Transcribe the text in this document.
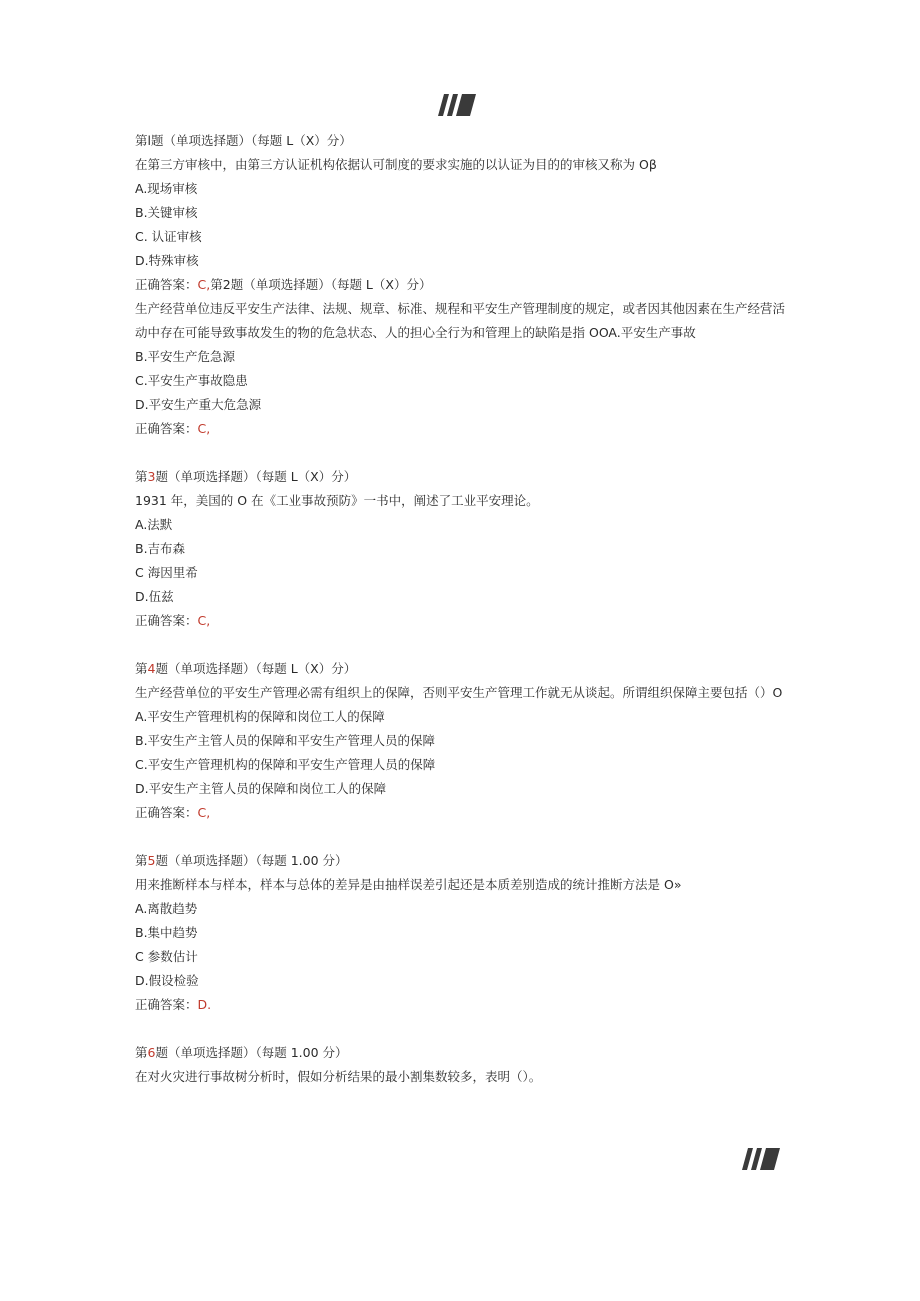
第l题（单项选择题）（每题 L（X）分）
在第三方审核中，由第三方认证机构依据认可制度的要求实施的以认证为目的的审核又称为 Oβ
A.现场审核
B.关键审核
C. 认证审核
D.特殊审核
正确答案：C,第2题（单项选择题）（每题 L（X）分）
生产经营单位违反平安生产法律、法规、规章、标准、规程和平安生产管理制度的规定，或者因其他因素在生产经营活动中存在可能导致事故发生的物的危急状态、人的担心全行为和管理上的缺陷是指 OOA.平安生产事故
B.平安生产危急源
C.平安生产事故隐患
D.平安生产重大危急源
正确答案：C,
第3题（单项选择题）（每题 L（X）分）
1931 年，美国的 O 在《工业事故预防》一书中，阐述了工业平安理论。
A.法默
B.吉布森
C 海因里希
D.伍兹
正确答案：C,
第4题（单项选择题）（每题 L（X）分）
生产经营单位的平安生产管理必需有组织上的保障，否则平安生产管理工作就无从谈起。所谓组织保障主要包括（）O
A.平安生产管理机构的保障和岗位工人的保障
B.平安生产主管人员的保障和平安生产管理人员的保障
C.平安生产管理机构的保障和平安生产管理人员的保障
D.平安生产主管人员的保障和岗位工人的保障
正确答案：C,
第5题（单项选择题）（每题 1.00 分）
用来推断样本与样本，样本与总体的差异是由抽样误差引起还是本质差别造成的统计推断方法是 O»
A.离散趋势
B.集中趋势
C 参数估计
D.假设检验
正确答案：D.
第6题（单项选择题）（每题 1.00 分）
在对火灾进行事故树分析时，假如分析结果的最小割集数较多，表明（）。
